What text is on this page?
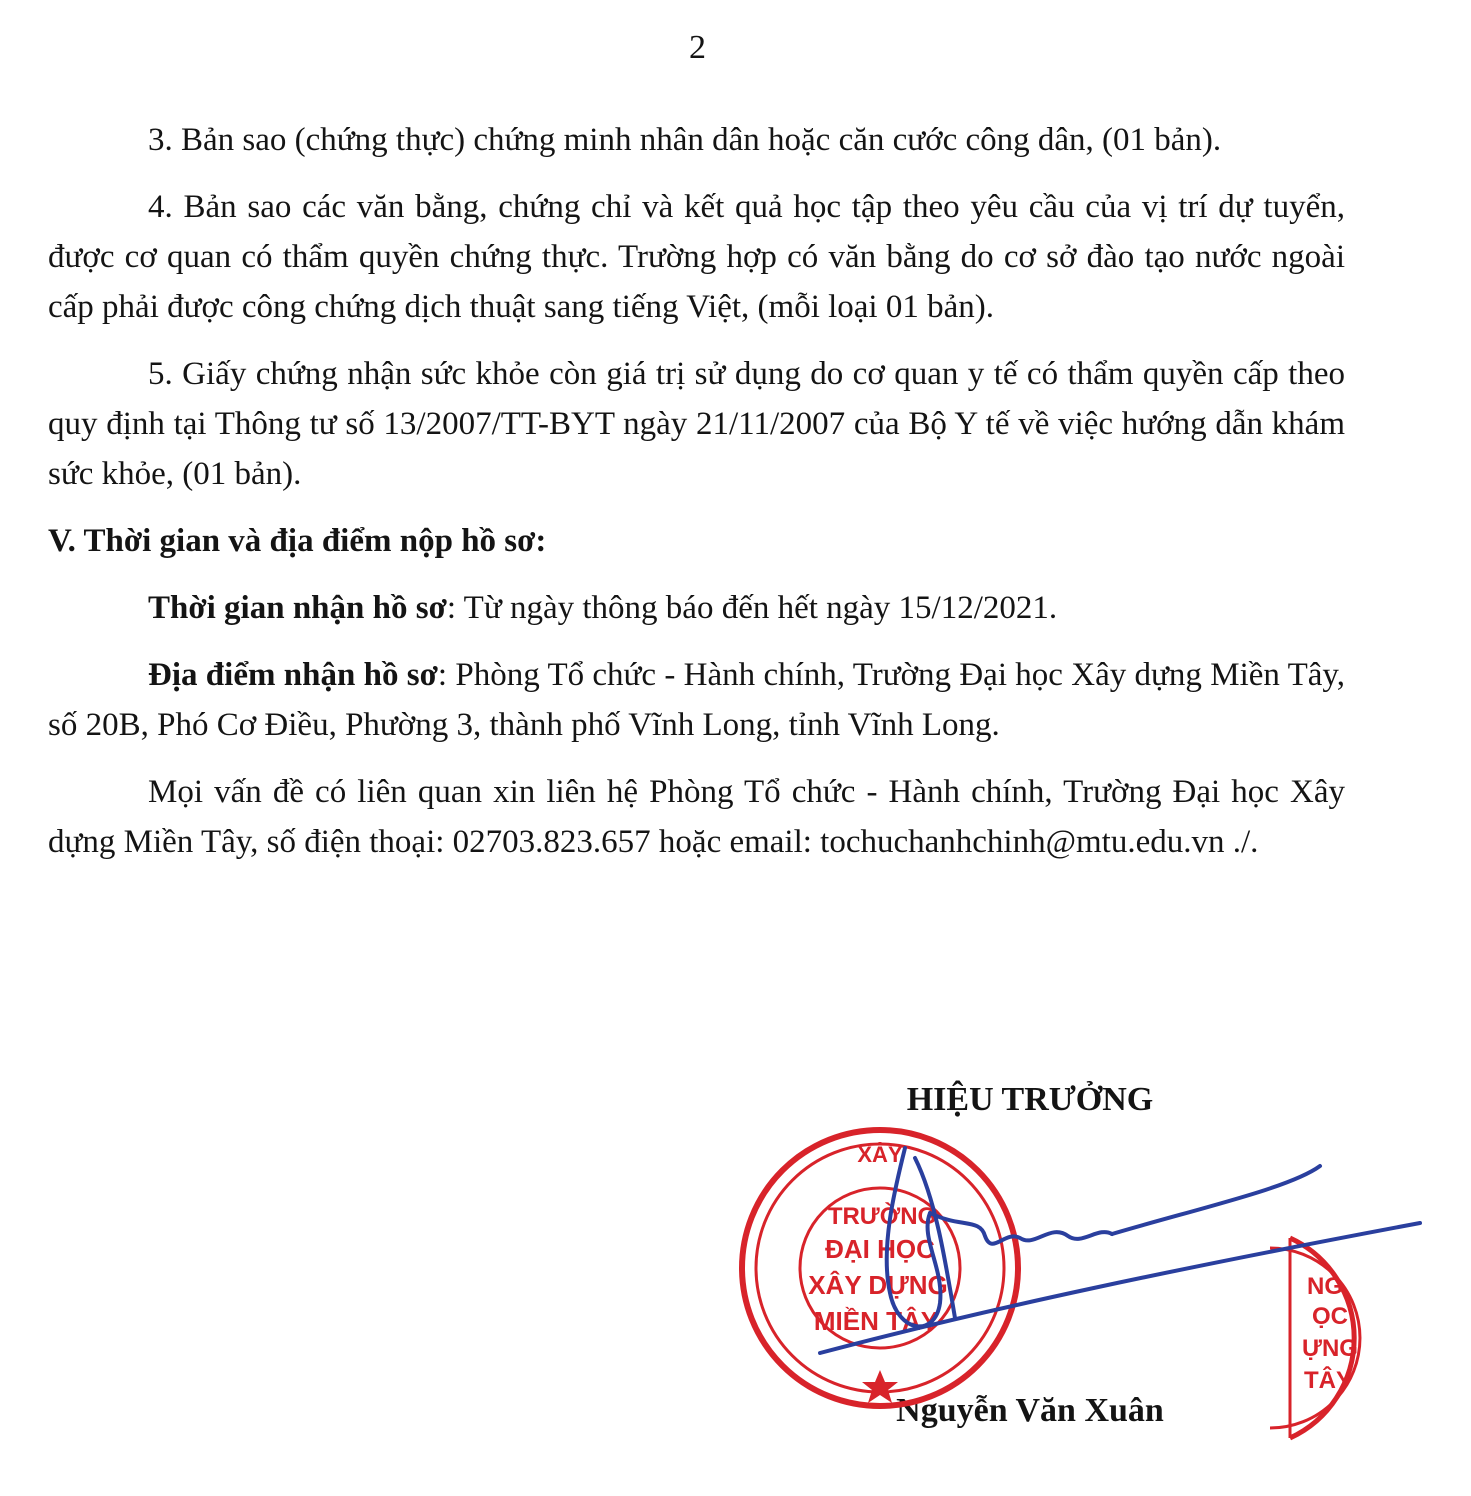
2

3. Bản sao (chứng thực) chứng minh nhân dân hoặc căn cước công dân, (01 bản).

4. Bản sao các văn bằng, chứng chỉ và kết quả học tập theo yêu cầu của vị trí dự tuyển, được cơ quan có thẩm quyền chứng thực. Trường hợp có văn bằng do cơ sở đào tạo nước ngoài cấp phải được công chứng dịch thuật sang tiếng Việt, (mỗi loại 01 bản).

5. Giấy chứng nhận sức khỏe còn giá trị sử dụng do cơ quan y tế có thẩm quyền cấp theo quy định tại Thông tư số 13/2007/TT-BYT ngày 21/11/2007 của Bộ Y tế về việc hướng dẫn khám sức khỏe, (01 bản).

V. Thời gian và địa điểm nộp hồ sơ:

Thời gian nhận hồ sơ: Từ ngày thông báo đến hết ngày 15/12/2021.

Địa điểm nhận hồ sơ: Phòng Tổ chức - Hành chính, Trường Đại học Xây dựng Miền Tây, số 20B, Phó Cơ Điều, Phường 3, thành phố Vĩnh Long, tỉnh Vĩnh Long.

Mọi vấn đề có liên quan xin liên hệ Phòng Tổ chức - Hành chính, Trường Đại học Xây dựng Miền Tây, số điện thoại: 02703.823.657 hoặc email: tochuchanhchinh@mtu.edu.vn ./.

HIỆU TRƯỞNG
Nguyễn Văn Xuân
XÂY
TRƯỜNG
ĐẠI HỌC
XÂY DỰNG
MIỀN TÂY
NG
ỌC
ỰNG
TÂY
